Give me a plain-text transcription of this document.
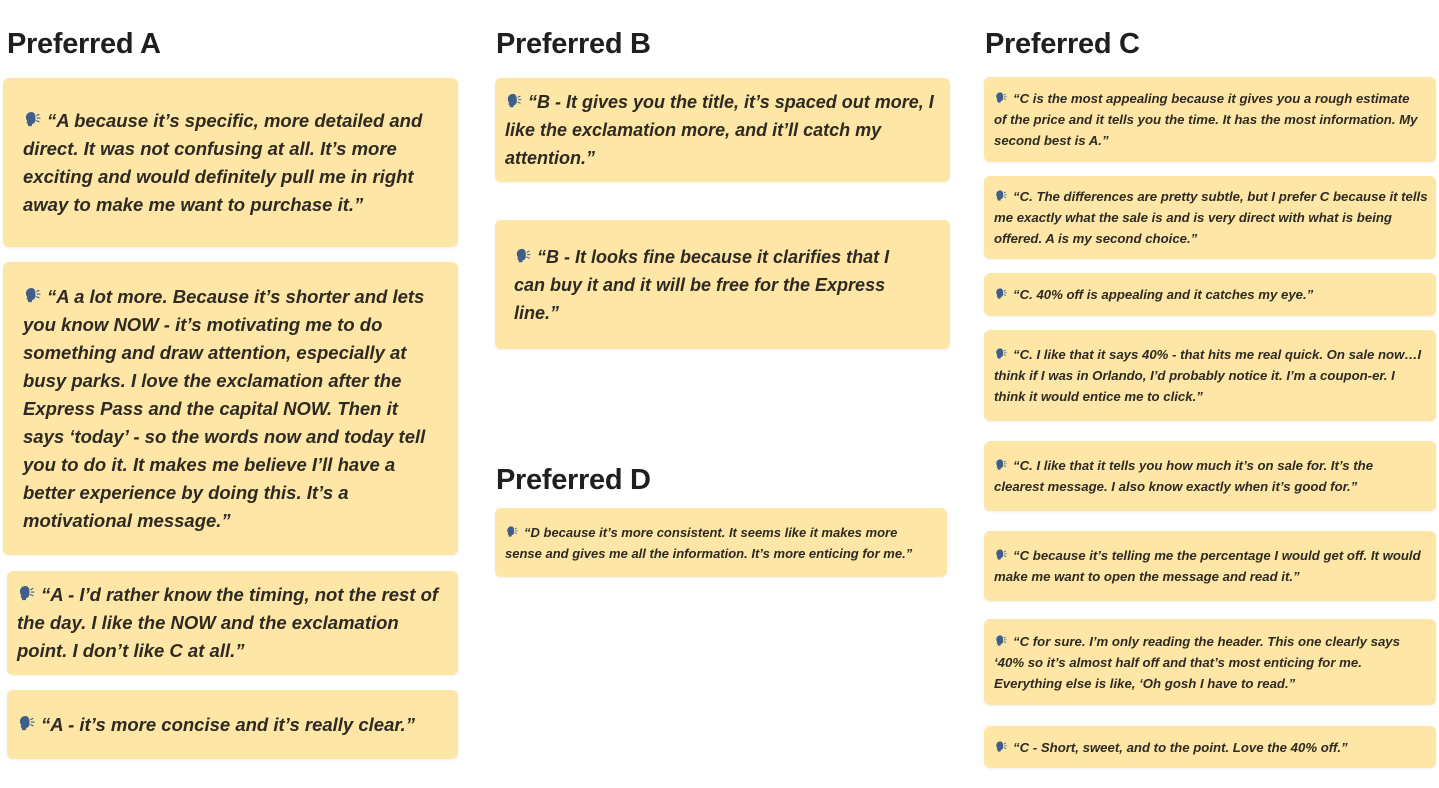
Preferred A

“A because it’s specific, more detailed and direct. It was not confusing at all. It’s more exciting and would definitely pull me in right away to make me want to purchase it.”

“A a lot more. Because it’s shorter and lets you know NOW - it’s motivating me to do something and draw attention, especially at busy parks. I love the exclamation after the Express Pass and the capital NOW. Then it says ‘today’ - so the words now and today tell you to do it. It makes me believe I’ll have a better experience by doing this. It’s a motivational message.”

“A - I’d rather know the timing, not the rest of the day. I like the NOW and the exclamation point. I don’t like C at all.”

“A - it’s more concise and it’s really clear.”

Preferred B

“B - It gives you the title, it’s spaced out more, I like the exclamation more, and it’ll catch my attention.”

“B - It looks fine because it clarifies that I can buy it and it will be free for the Express line.”

Preferred D

“D because it’s more consistent. It seems like it makes more sense and gives me all the information. It’s more enticing for me.”

Preferred C

“C is the most appealing because it gives you a rough estimate of the price and it tells you the time. It has the most information. My second best is A.”

“C. The differences are pretty subtle, but I prefer C because it tells me exactly what the sale is and is very direct with what is being offered. A is my second choice.”

“C. 40% off is appealing and it catches my eye.”

“C. I like that it says 40% - that hits me real quick. On sale now…I think if I was in Orlando, I’d probably notice it. I’m a coupon-er. I think it would entice me to click.”

“C. I like that it tells you how much it’s on sale for. It’s the clearest message. I also know exactly when it’s good for.”

“C because it’s telling me the percentage I would get off. It would make me want to open the message and read it.”

“C for sure. I’m only reading the header. This one clearly says ‘40% so it’s almost half off and that’s most enticing for me. Everything else is like, ‘Oh gosh I have to read.”

“C - Short, sweet, and to the point. Love the 40% off.”
